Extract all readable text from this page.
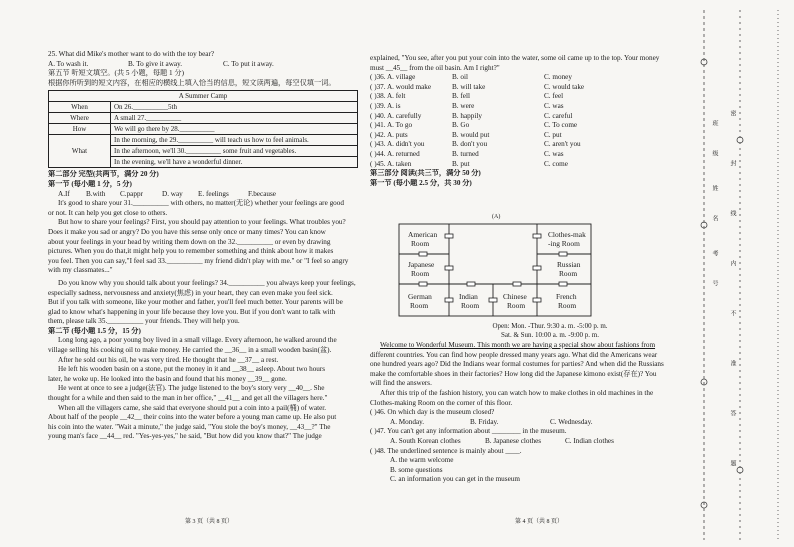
25. What did Mike's mother want to do with the toy bear?
A. To wash it.	B. To give it away.	C. To put it away.
第五节 听短文填空。(共 5 小题，每题 1 分)
根据你所听到的短文内容，在相应的横线上填入恰当的信息，短文读两遍，每空仅填一词。
A Summer Camp	
When	On 26.__________5th
Where	A small 27.__________
How	We will go there by 28.__________
What	In the morning, the 29.__________ will teach us how to feel animals.
	In the afternoon, we'll 30.__________ some fruit and vegetables.
	In the evening, we'll have a wonderful dinner.
第二部分 完型(共两节，满分 20 分)
第一节 (每小题 1 分，5 分)
A.If	B.with	C.pappr	D. way	E. feelings	F.because
It's good to share your 31.__________ with others, no matter(无论) whether your feelings are good
or not. It can help you get close to others.
But how to share your feelings? First, you should pay attention to your feelings. What troubles you?
Does it make you sad or angry? Do you have this sense only once or many times? You can know
about your feelings in your head by writing them down on the 32.__________ or even by drawing
pictures. When you do that,it might help you to remember something and think about how it makes
you feel. Then you can say,"I feel sad 33.__________ my friend didn't play with me." or "I feel so angry
with my classmates..."
Do you know why you should talk about your feelings? 34.__________ you always keep your feelings,
especially sadness, nervousness and anxiety(焦虑) in your heart, they can even make you feel sick.
But if you talk with someone, like your mother and father, you'll feel much better. Your parents will be
glad to know what's happening in your life because they love you. But if you don't want to talk with
them, please talk 35.__________ your friends. They will help you.
第二节 (每小题 1.5 分，15 分)
Long long ago, a poor young boy lived in a small village. Every afternoon, he walked around the
village selling his cooking oil to make money. He carried the __36__ in a small wooden basin(盆).
After he sold out his oil, he was very tired. He thought that he __37__ a rest.
He left his wooden basin on a stone, put the money in it and __38__ asleep. About two hours
later, he woke up. He looked into the basin and found that his money __39__ gone.
He went at once to see a judge(法官). The judge listened to the boy's story very __40__. She
thought for a while and then said to the man in her office," __41__ and get all the villagers here."
When all the villagers came, she said that everyone should put a coin into a pail(桶) of water.
About half of the people __42__ their coins into the water before a young man came up. He also put
his coin into the water. "Wait a minute," the judge said, "You stole the boy's money, __43__?" The
young man's face __44__ red. "Yes-yes-yes," he said, "But how did you know that?" The judge
第 3 页（共 8 页）
explained, "You see, after you put your coin into the water, some oil came up to the top. Your money
must __45__ from the oil basin. Am I right?"
( )36. A. village	B. oil	C. money
( )37. A. would make	B. will take	C. would take
( )38. A. felt	B. fell	C. feel
( )39. A. is	B. were	C. was
( )40. A. carefully	B. happily	C. careful
( )41. A. To go	B. Go	C. To come
( )42. A. puts	B. would put	C. put
( )43. A. didn't you	B. don't you	C. aren't you
( )44. A. returned	B. turned	C. was
( )45. A. taken	B. put	C. come
第三部分 阅读(共三节，满分 50 分)
第一节 (每小题 2.5 分，共 30 分)
(A)
American
Room
Clothes-mak
-ing Room
Japanese
Room
Russian
Room
German
Room
Indian
Room
Chinese
Room
French
Room
Open: Mon. -Thur. 9:30 a. m. -5:00 p. m.
Sat. & Sun. 10:00 a. m. -9:00 p. m.
Welcome to Wonderful Museum. This month we are having a special show about fashions from
different countries. You can find how people dressed many years ago. What did the Americans wear
one hundred years ago? Did the Indians wear formal costumes for parties? And when did the Russians
make the comfortable shoes in their factories? How long did the Japanese kimono exist(存在)? You
will find the answers.
After this trip of the fashion history, you can watch how to make clothes in old machines in the
Clothes-making Room on the corner of this floor.
( )46. On which day is the museum closed?
A. Monday.	B. Friday.	C. Wednesday.
( )47. You can't get any information about ________ in the museum.
A. South Korean clothes	B. Japanese clothes	C. Indian clothes
( )48. The underlined sentence is mainly about ____.
A. the warm welcome
B. some questions
C. an information you can get in the museum
第 4 页（共 8 页）
班
级
姓
名
考
号
密
封
线
内
不
准
答
题
